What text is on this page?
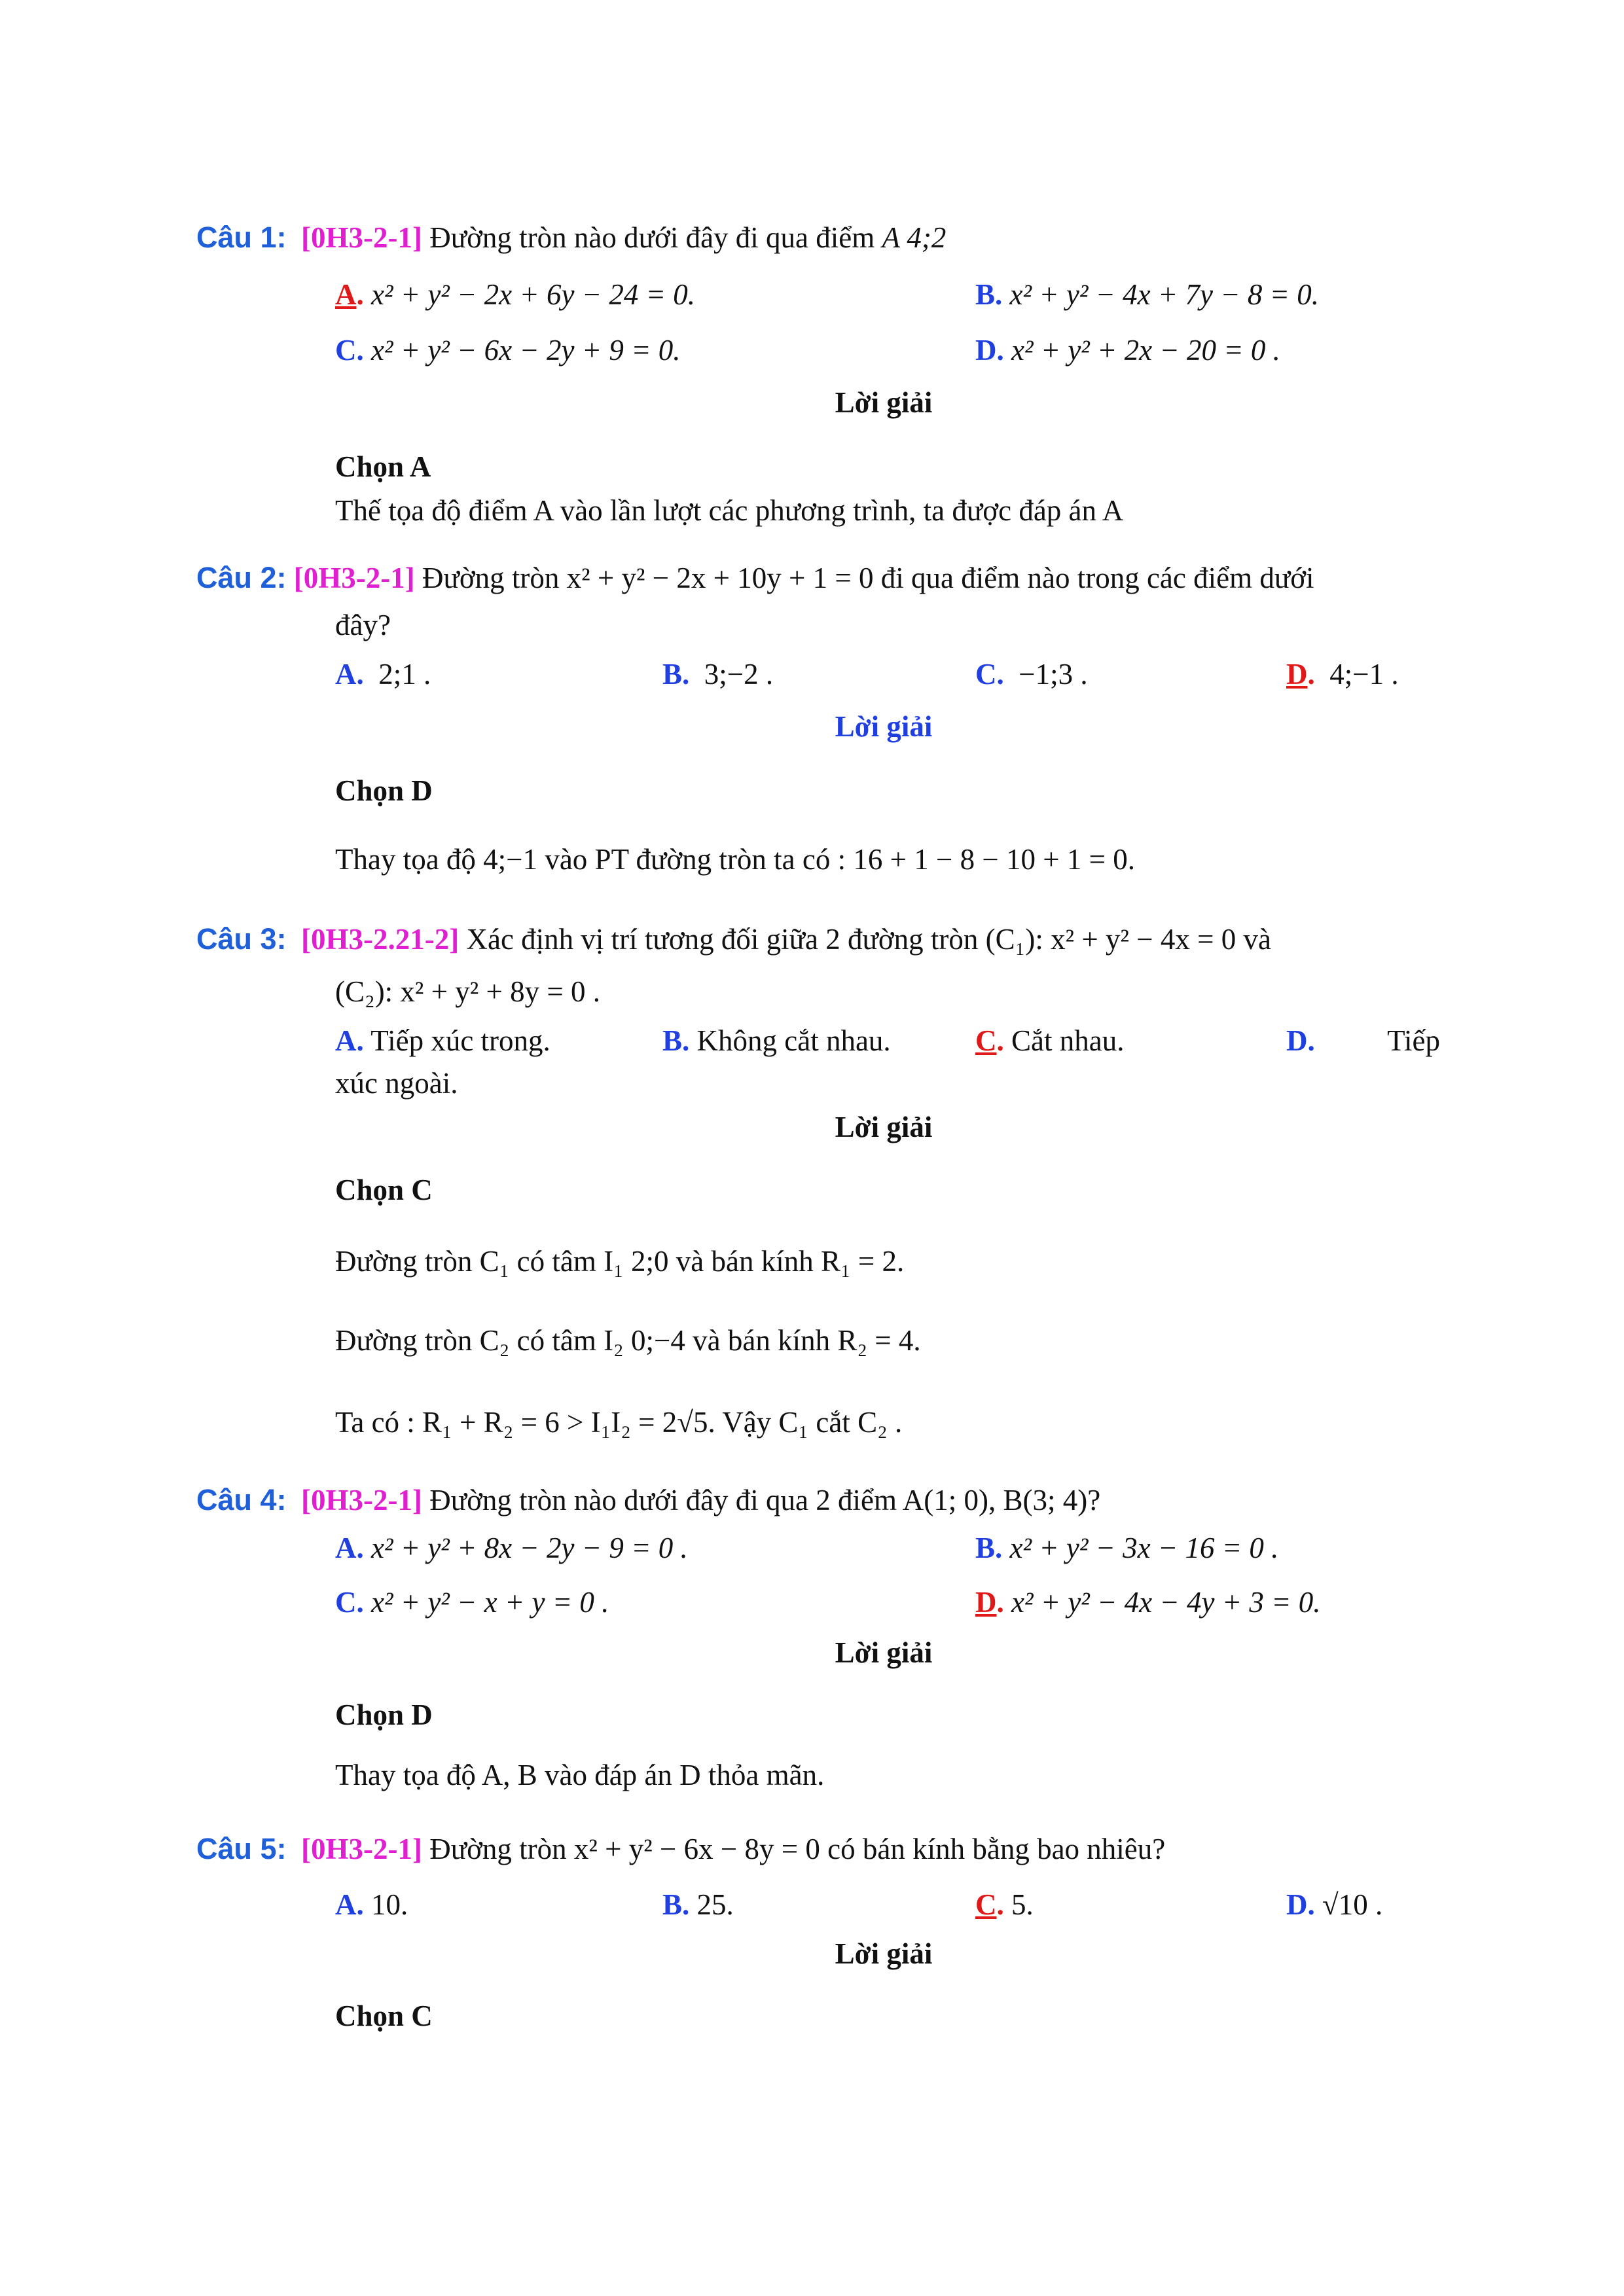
Câu 1: [0H3-2-1] Đường tròn nào dưới đây đi qua điểm A 4;2
A. x² + y² − 2x + 6y − 24 = 0.	B. x² + y² − 4x + 7y − 8 = 0.
C. x² + y² − 6x − 2y + 9 = 0.	D. x² + y² + 2x − 20 = 0 .
Lời giải
Chọn A
Thế tọa độ điểm A vào lần lượt các phương trình, ta được đáp án A
Câu 2: [0H3-2-1] Đường tròn x² + y² − 2x + 10y + 1 = 0 đi qua điểm nào trong các điểm dưới
đây?
A. 2;1 .	B. 3;−2 .	C. −1;3 .	D. 4;−1 .
Lời giải
Chọn D
Thay tọa độ 4;−1 vào PT đường tròn ta có : 16 + 1 − 8 − 10 + 1 = 0.
Câu 3: [0H3-2.21-2] Xác định vị trí tương đối giữa 2 đường tròn (C₁): x² + y² − 4x = 0 và
(C₂): x² + y² + 8y = 0 .
A. Tiếp xúc trong.	B. Không cắt nhau.	C. Cắt nhau.	D. Tiếp
xúc ngoài.
Lời giải
Chọn C
Đường tròn C₁ có tâm I₁ 2;0 và bán kính R₁ = 2.
Đường tròn C₂ có tâm I₂ 0;−4 và bán kính R₂ = 4.
Ta có : R₁ + R₂ = 6 > I₁I₂ = 2√5. Vậy C₁ cắt C₂ .
Câu 4: [0H3-2-1] Đường tròn nào dưới đây đi qua 2 điểm A(1; 0), B(3; 4)?
A. x² + y² + 8x − 2y − 9 = 0 .	B. x² + y² − 3x − 16 = 0 .
C. x² + y² − x + y = 0 .	D. x² + y² − 4x − 4y + 3 = 0.
Lời giải
Chọn D
Thay tọa độ A, B vào đáp án D thỏa mãn.
Câu 5: [0H3-2-1] Đường tròn x² + y² − 6x − 8y = 0 có bán kính bằng bao nhiêu?
A. 10.	B. 25.	C. 5.	D. √10 .
Lời giải
Chọn C
